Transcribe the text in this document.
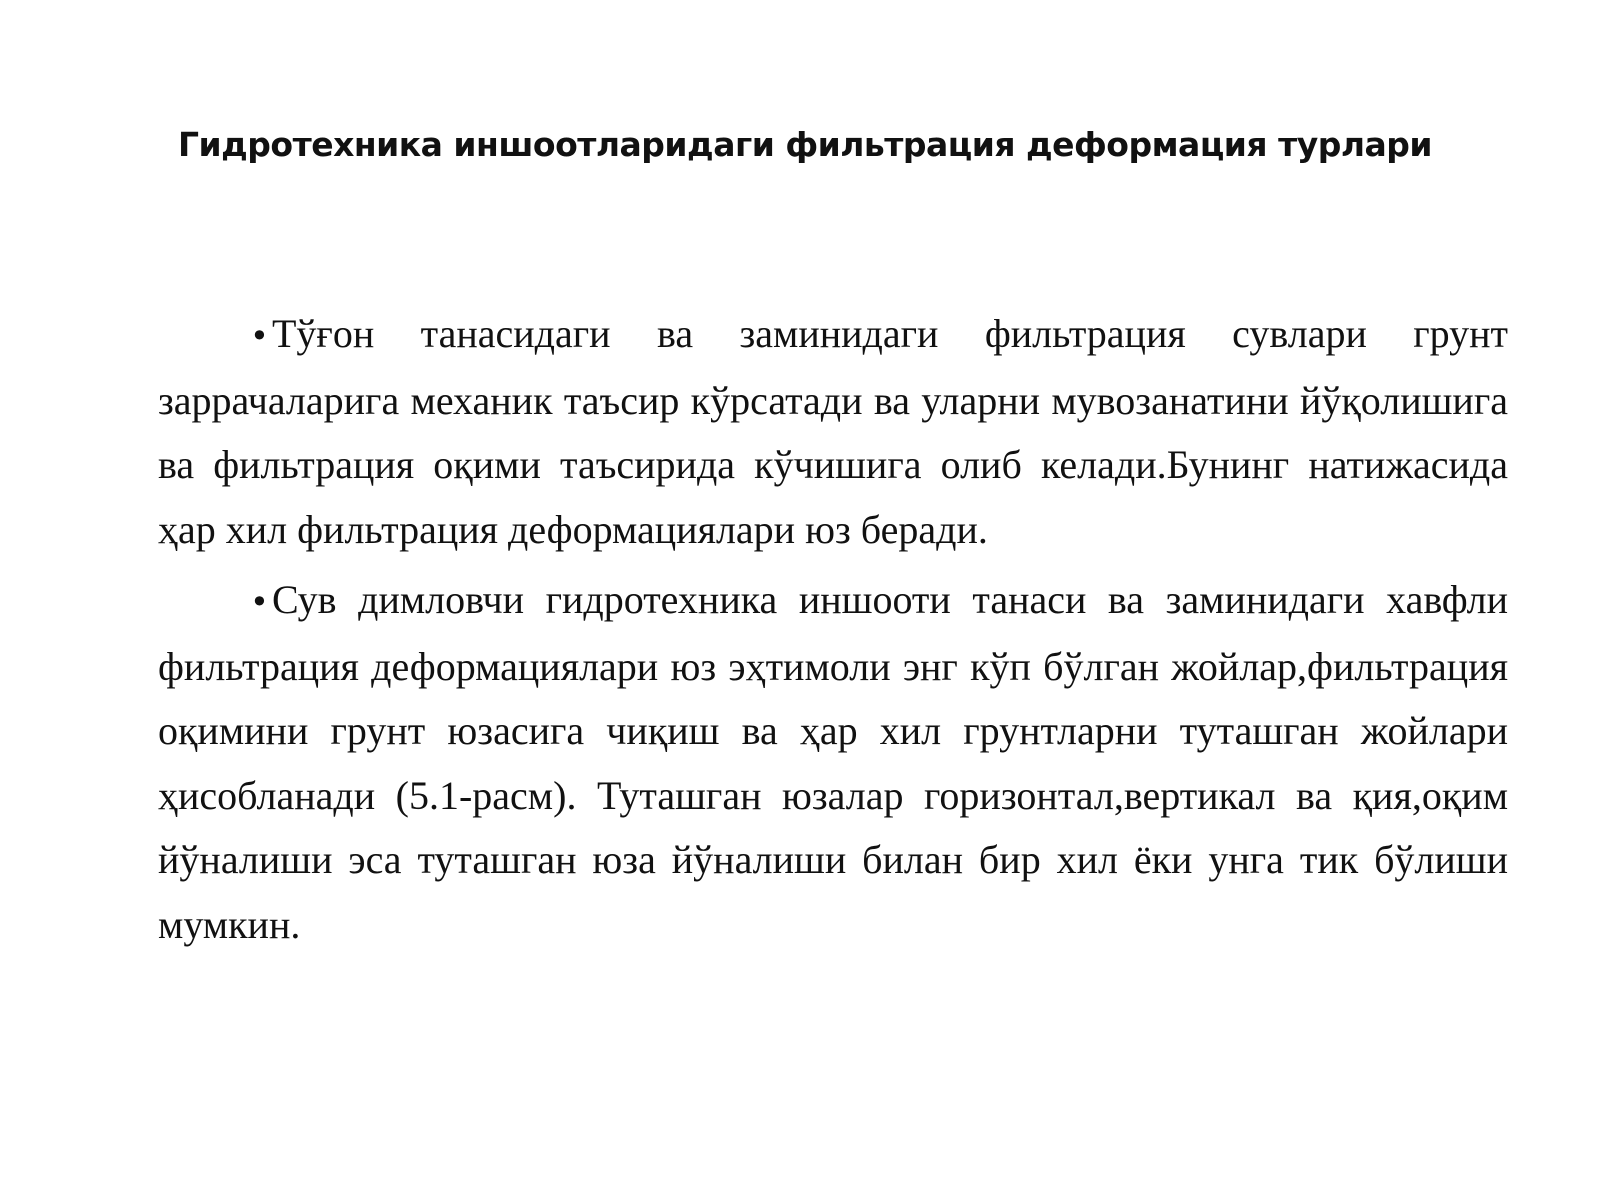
Гидротехника иншоотларидаги фильтрация деформация турлари

•Тўғон танасидаги ва заминидаги фильтрация сувлари грунт заррачаларига механик таъсир кўрсатади ва уларни мувозанатини йўқолишига ва фильтрация оқими таъсирида кўчишига олиб келади.Бунинг натижасида ҳар хил фильтрация деформациялари юз беради.

•Сув димловчи гидротехника иншооти танаси ва заминидаги хавфли фильтрация деформациялари юз эҳтимоли энг кўп бўлган жойлар,фильтрация оқимини грунт юзасига чиқиш ва ҳар хил грунтларни туташган жойлари ҳисобланади (5.1-расм). Туташган юзалар горизонтал,вертикал ва қия,оқим йўналиши эса туташган юза йўналиши билан бир хил ёки унга тик бўлиши мумкин.
